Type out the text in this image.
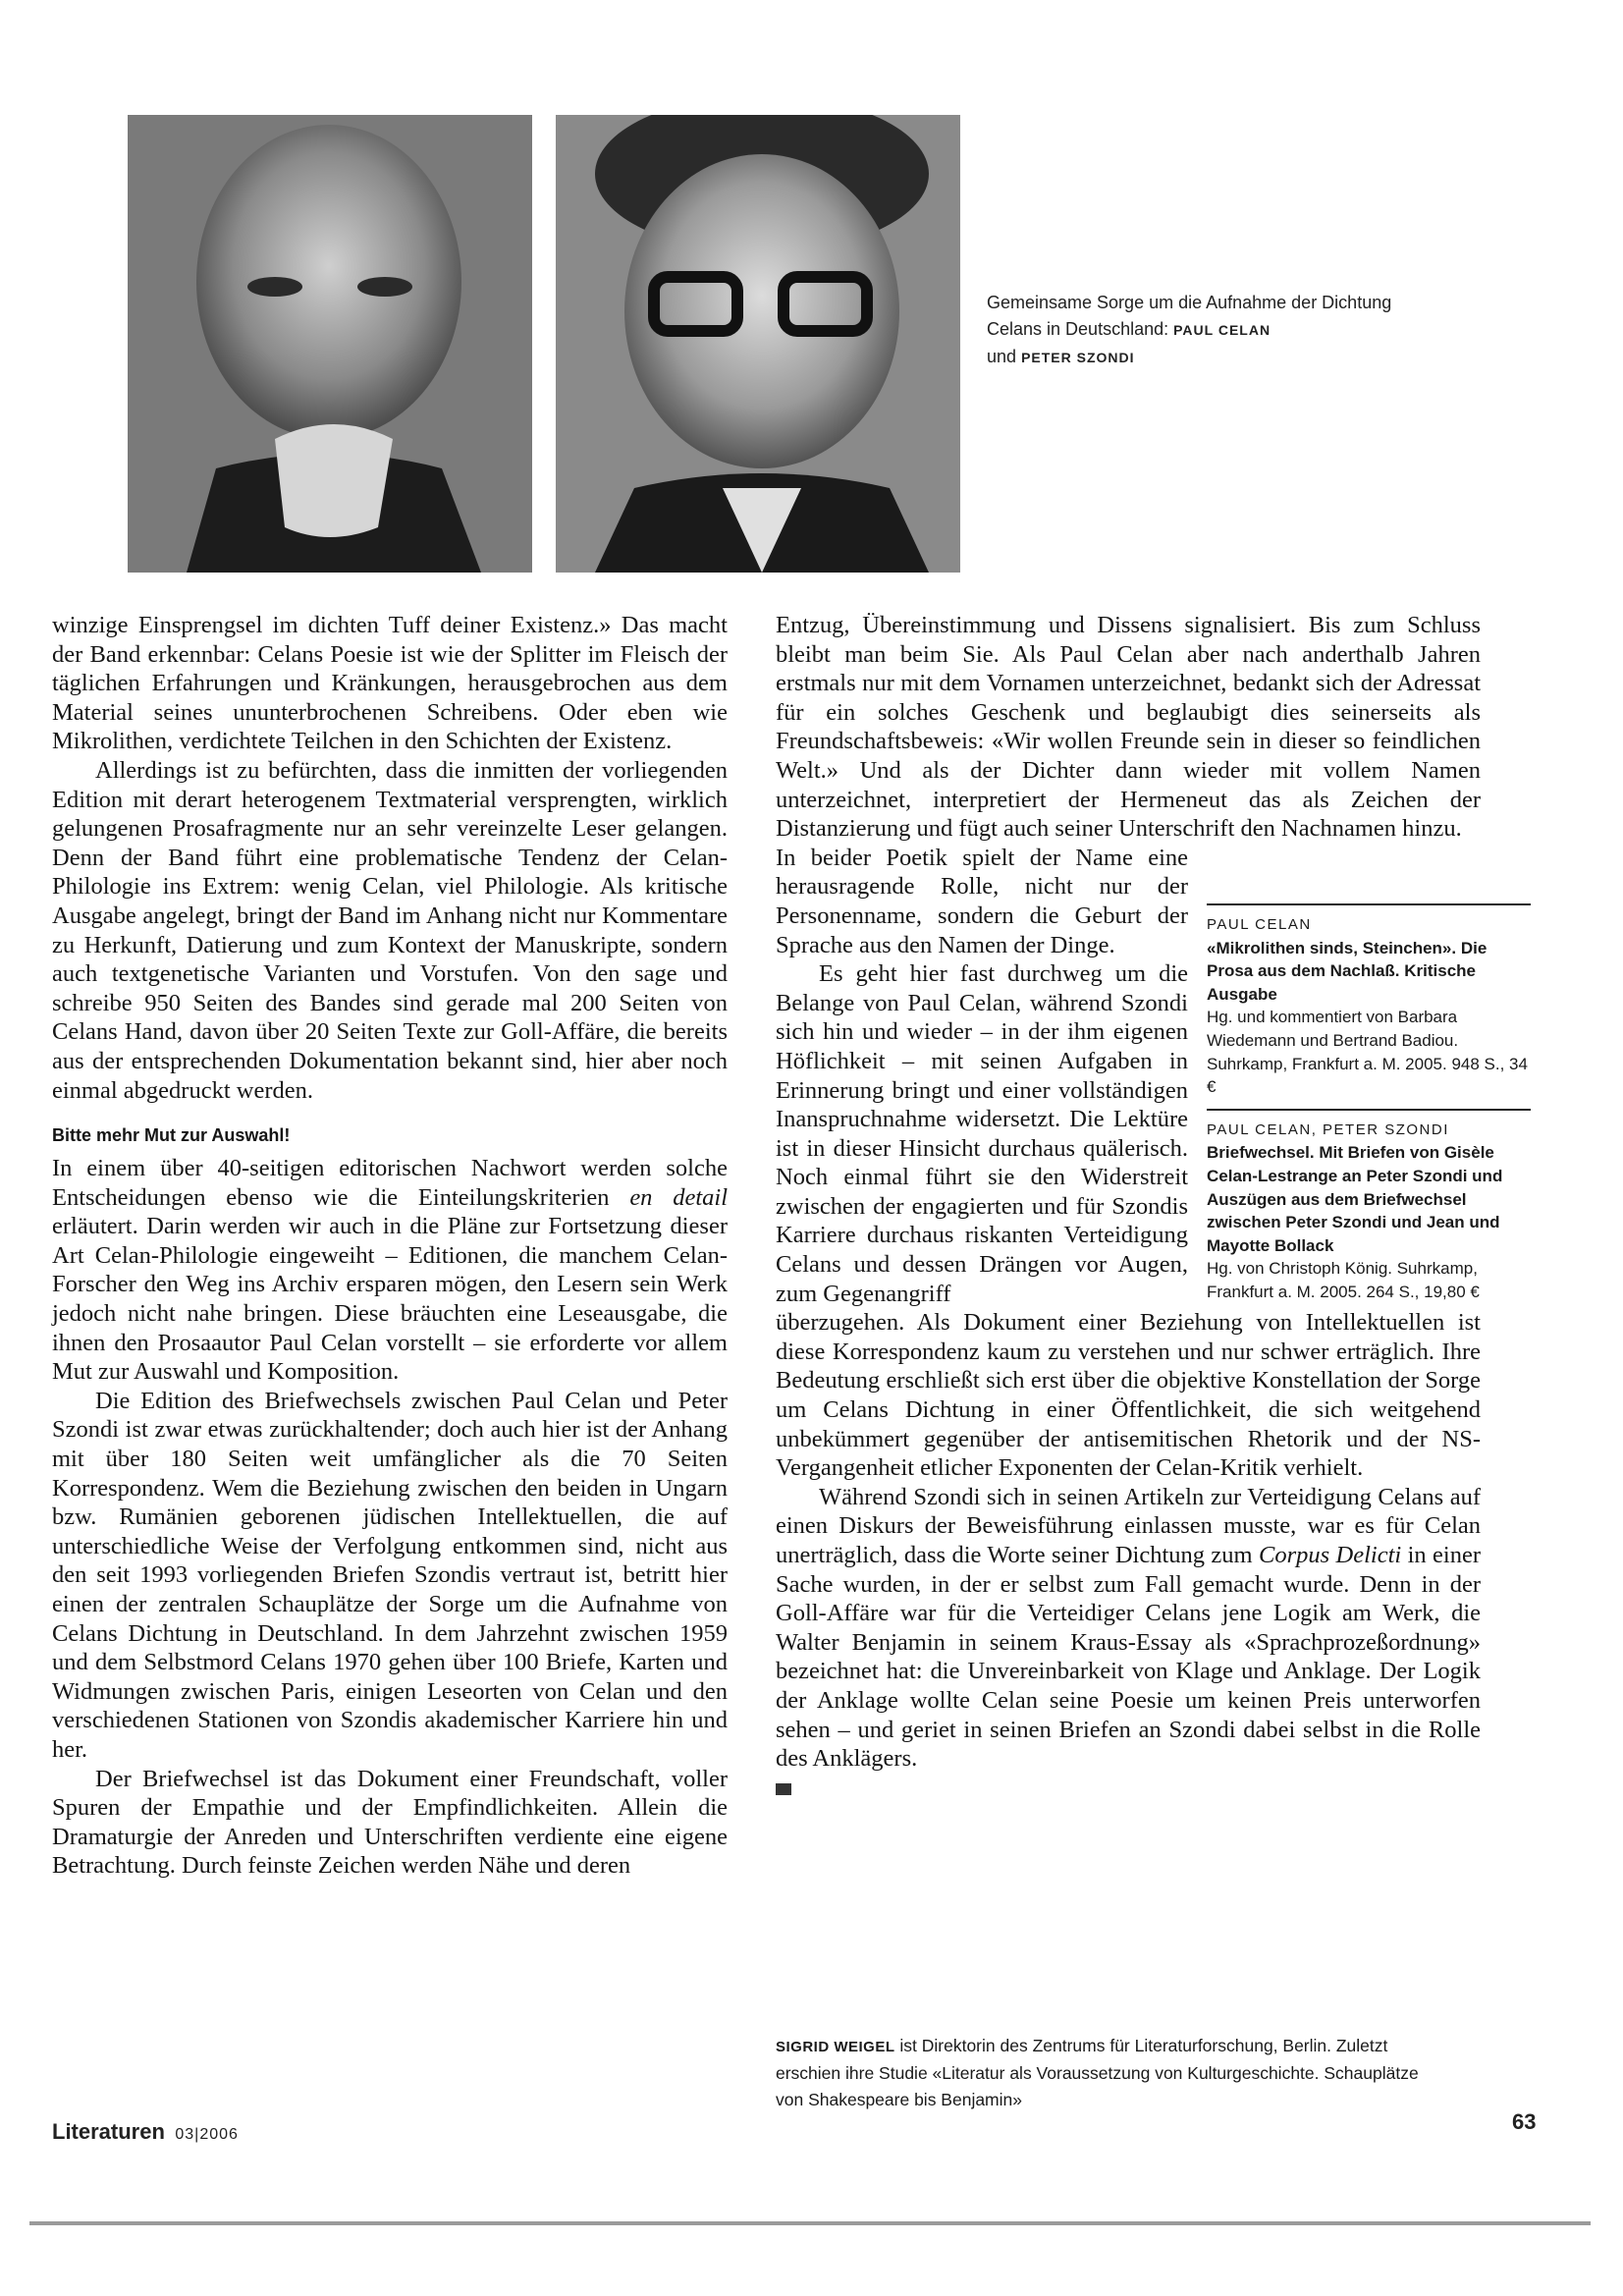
Gemeinsame Sorge um die Aufnahme der Dichtung Celans in Deutschland: PAUL CELAN
und PETER SZONDI

winzige Einsprengsel im dichten Tuff deiner Existenz.» Das macht der Band erkennbar: Celans Poesie ist wie der Splitter im Fleisch der täglichen Erfahrungen und Kränkungen, herausgebrochen aus dem Material seines ununterbrochenen Schreibens. Oder eben wie Mikrolithen, verdichtete Teilchen in den Schichten der Existenz.

Allerdings ist zu befürchten, dass die inmitten der vorliegenden Edition mit derart heterogenem Textmaterial versprengten, wirklich gelungenen Prosafragmente nur an sehr vereinzelte Leser gelangen. Denn der Band führt eine problematische Tendenz der Celan-Philologie ins Extrem: wenig Celan, viel Philologie. Als kritische Ausgabe angelegt, bringt der Band im Anhang nicht nur Kommentare zu Herkunft, Datierung und zum Kontext der Manuskripte, sondern auch textgenetische Varianten und Vorstufen. Von den sage und schreibe 950 Seiten des Bandes sind gerade mal 200 Seiten von Celans Hand, davon über 20 Seiten Texte zur Goll-Affäre, die bereits aus der entsprechenden Dokumentation bekannt sind, hier aber noch einmal abgedruckt werden.

Bitte mehr Mut zur Auswahl!

In einem über 40-seitigen editorischen Nachwort werden solche Entscheidungen ebenso wie die Einteilungskriterien en detail erläutert. Darin werden wir auch in die Pläne zur Fortsetzung dieser Art Celan-Philologie eingeweiht – Editionen, die manchem Celan-Forscher den Weg ins Archiv ersparen mögen, den Lesern sein Werk jedoch nicht nahe bringen. Diese bräuchten eine Leseausgabe, die ihnen den Prosaautor Paul Celan vorstellt – sie erforderte vor allem Mut zur Auswahl und Komposition.

Die Edition des Briefwechsels zwischen Paul Celan und Peter Szondi ist zwar etwas zurückhaltender; doch auch hier ist der Anhang mit über 180 Seiten weit umfänglicher als die 70 Seiten Korrespondenz. Wem die Beziehung zwischen den beiden in Ungarn bzw. Rumänien geborenen jüdischen Intellektuellen, die auf unterschiedliche Weise der Verfolgung entkommen sind, nicht aus den seit 1993 vorliegenden Briefen Szondis vertraut ist, betritt hier einen der zentralen Schauplätze der Sorge um die Aufnahme von Celans Dichtung in Deutschland. In dem Jahrzehnt zwischen 1959 und dem Selbstmord Celans 1970 gehen über 100 Briefe, Karten und Widmungen zwischen Paris, einigen Leseorten von Celan und den verschiedenen Stationen von Szondis akademischer Karriere hin und her.

Der Briefwechsel ist das Dokument einer Freundschaft, voller Spuren der Empathie und der Empfindlichkeiten. Allein die Dramaturgie der Anreden und Unterschriften verdiente eine eigene Betrachtung. Durch feinste Zeichen werden Nähe und deren

Entzug, Übereinstimmung und Dissens signalisiert. Bis zum Schluss bleibt man beim Sie. Als Paul Celan aber nach anderthalb Jahren erstmals nur mit dem Vornamen unterzeichnet, bedankt sich der Adressat für ein solches Geschenk und beglaubigt dies seinerseits als Freundschaftsbeweis: «Wir wollen Freunde sein in dieser so feindlichen Welt.» Und als der Dichter dann wieder mit vollem Namen unterzeichnet, interpretiert der Hermeneut das als Zeichen der Distanzierung und fügt auch seiner Unterschrift den Nachnamen hinzu.

In beider Poetik spielt der Name eine herausragende Rolle, nicht nur der Personenname, sondern die Geburt der Sprache aus den Namen der Dinge.

Es geht hier fast durchweg um die Belange von Paul Celan, während Szondi sich hin und wieder – in der ihm eigenen Höflichkeit – mit seinen Aufgaben in Erinnerung bringt und einer vollständigen Inanspruchnahme widersetzt. Die Lektüre ist in dieser Hinsicht durchaus quälerisch. Noch einmal führt sie den Widerstreit zwischen der engagierten und für Szondis Karriere durchaus riskanten Verteidigung Celans und dessen Drängen vor Augen, zum Gegenangriff

überzugehen. Als Dokument einer Beziehung von Intellektuellen ist diese Korrespondenz kaum zu verstehen und nur schwer erträglich. Ihre Bedeutung erschließt sich erst über die objektive Konstellation der Sorge um Celans Dichtung in einer Öffentlichkeit, die sich weitgehend unbekümmert gegenüber der antisemitischen Rhetorik und der NS-Vergangenheit etlicher Exponenten der Celan-Kritik verhielt.

Während Szondi sich in seinen Artikeln zur Verteidigung Celans auf einen Diskurs der Beweisführung einlassen musste, war es für Celan unerträglich, dass die Worte seiner Dichtung zum Corpus Delicti in einer Sache wurden, in der er selbst zum Fall gemacht wurde. Denn in der Goll-Affäre war für die Verteidiger Celans jene Logik am Werk, die Walter Benjamin in seinem Kraus-Essay als «Sprachprozeßordnung» bezeichnet hat: die Unvereinbarkeit von Klage und Anklage. Der Logik der Anklage wollte Celan seine Poesie um keinen Preis unterworfen sehen – und geriet in seinen Briefen an Szondi dabei selbst in die Rolle des Anklägers.

PAUL CELAN
«Mikrolithen sinds, Steinchen». Die Prosa aus dem Nachlaß. Kritische Ausgabe
Hg. und kommentiert von Barbara Wiedemann und Bertrand Badiou. Suhrkamp, Frankfurt a. M. 2005. 948 S., 34 €
PAUL CELAN, PETER SZONDI
Briefwechsel. Mit Briefen von Gisèle Celan-Lestrange an Peter Szondi und Auszügen aus dem Briefwechsel zwischen Peter Szondi und Jean und Mayotte Bollack
Hg. von Christoph König. Suhrkamp, Frankfurt a. M. 2005. 264 S., 19,80 €
SIGRID WEIGEL ist Direktorin des Zentrums für Literaturforschung, Berlin. Zuletzt erschien ihre Studie «Literatur als Voraussetzung von Kulturgeschichte. Schauplätze von Shakespeare bis Benjamin»
63
Literaturen 03|2006
